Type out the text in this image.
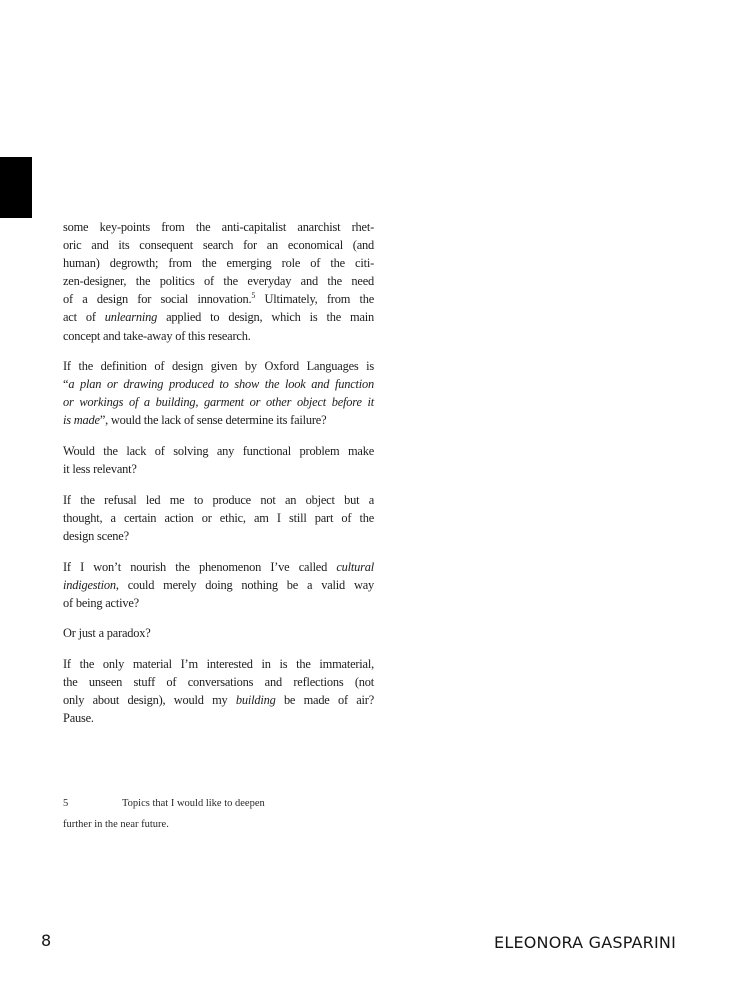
some key-points from the anti-capitalist anarchist rhet-
oric and its consequent search for an economical (and
human) degrowth; from the emerging role of the citi-
zen-designer, the politics of the everyday and the need
of a design for social innovation.$^5$ Ultimately, from the
act of unlearning applied to design, which is the main
concept and take-away of this research.
If the definition of design given by Oxford Languages is
“a plan or drawing produced to show the look and function
or workings of a building, garment or other object before it
is made”, would the lack of sense determine its failure?
Would the lack of solving any functional problem make
it less relevant?
If the refusal led me to produce not an object but a
thought, a certain action or ethic, am I still part of the
design scene?
If I won’t nourish the phenomenon I’ve called cultural
indigestion, could merely doing nothing be a valid way
of being active?
Or just a paradox?
If the only material I’m interested in is the immaterial,
the unseen stuff of conversations and reflections (not
only about design), would my building be made of air?
Pause.
5	Topics that I would like to deepen
further in the near future.
8	ELEONORA GASPARINI
